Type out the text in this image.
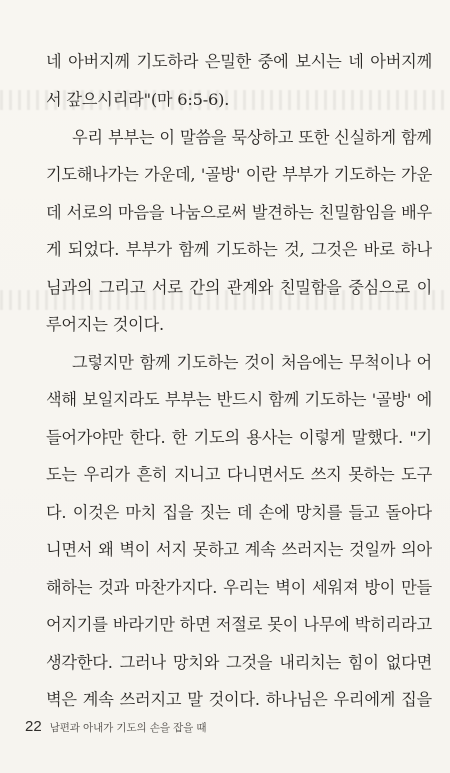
네 아버지께 기도하라 은밀한 중에 보시는 네 아버지께
서 갚으시리라"(마 6:5-6).
우리 부부는 이 말씀을 묵상하고 또한 신실하게 함께
기도해나가는 가운데, '골방' 이란 부부가 기도하는 가운
데 서로의 마음을 나눔으로써 발견하는 친밀함임을 배우
게 되었다. 부부가 함께 기도하는 것, 그것은 바로 하나
님과의 그리고 서로 간의 관계와 친밀함을 중심으로 이
루어지는 것이다.
그렇지만 함께 기도하는 것이 처음에는 무척이나 어
색해 보일지라도 부부는 반드시 함께 기도하는 '골방' 에
들어가야만 한다. 한 기도의 용사는 이렇게 말했다. "기
도는 우리가 흔히 지니고 다니면서도 쓰지 못하는 도구
다. 이것은 마치 집을 짓는 데 손에 망치를 들고 돌아다
니면서 왜 벽이 서지 못하고 계속 쓰러지는 것일까 의아
해하는 것과 마찬가지다. 우리는 벽이 세워져 방이 만들
어지기를 바라기만 하면 저절로 못이 나무에 박히리라고
생각한다. 그러나 망치와 그것을 내리치는 힘이 없다면
벽은 계속 쓰러지고 말 것이다. 하나님은 우리에게 집을
22 남편과 아내가 기도의 손을 잡을 때
